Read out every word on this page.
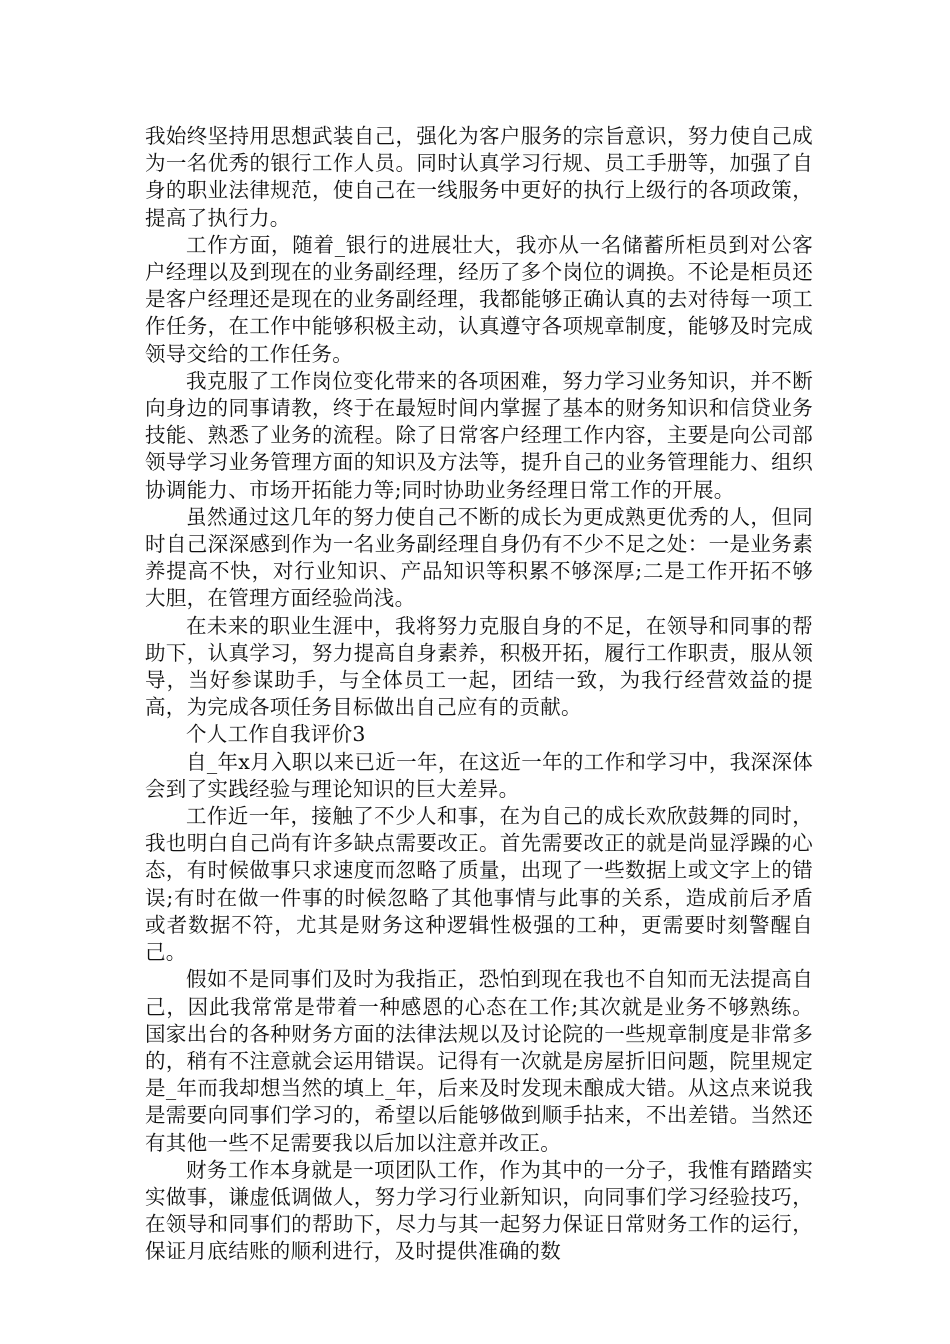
我始终坚持用思想武装自己，强化为客户服务的宗旨意识，努力使自己成为一名优秀的银行工作人员。同时认真学习行规、员工手册等，加强了自身的职业法律规范，使自己在一线服务中更好的执行上级行的各项政策，提高了执行力。

工作方面，随着_银行的进展壮大，我亦从一名储蓄所柜员到对公客户经理以及到现在的业务副经理，经历了多个岗位的调换。不论是柜员还是客户经理还是现在的业务副经理，我都能够正确认真的去对待每一项工作任务，在工作中能够积极主动，认真遵守各项规章制度，能够及时完成领导交给的工作任务。

我克服了工作岗位变化带来的各项困难，努力学习业务知识，并不断向身边的同事请教，终于在最短时间内掌握了基本的财务知识和信贷业务技能、熟悉了业务的流程。除了日常客户经理工作内容，主要是向公司部领导学习业务管理方面的知识及方法等，提升自己的业务管理能力、组织协调能力、市场开拓能力等;同时协助业务经理日常工作的开展。

虽然通过这几年的努力使自己不断的成长为更成熟更优秀的人，但同时自己深深感到作为一名业务副经理自身仍有不少不足之处：一是业务素养提高不快，对行业知识、产品知识等积累不够深厚;二是工作开拓不够大胆，在管理方面经验尚浅。

在未来的职业生涯中，我将努力克服自身的不足，在领导和同事的帮助下，认真学习，努力提高自身素养，积极开拓，履行工作职责，服从领导，当好参谋助手，与全体员工一起，团结一致，为我行经营效益的提高，为完成各项任务目标做出自己应有的贡献。

个人工作自我评价3

自_年x月入职以来已近一年，在这近一年的工作和学习中，我深深体会到了实践经验与理论知识的巨大差异。

工作近一年，接触了不少人和事，在为自己的成长欢欣鼓舞的同时，我也明白自己尚有许多缺点需要改正。首先需要改正的就是尚显浮躁的心态，有时候做事只求速度而忽略了质量，出现了一些数据上或文字上的错误;有时在做一件事的时候忽略了其他事情与此事的关系，造成前后矛盾或者数据不符，尤其是财务这种逻辑性极强的工种，更需要时刻警醒自己。

假如不是同事们及时为我指正，恐怕到现在我也不自知而无法提高自己，因此我常常是带着一种感恩的心态在工作;其次就是业务不够熟练。国家出台的各种财务方面的法律法规以及讨论院的一些规章制度是非常多的，稍有不注意就会运用错误。记得有一次就是房屋折旧问题，院里规定是_年而我却想当然的填上_年，后来及时发现未酿成大错。从这点来说我是需要向同事们学习的，希望以后能够做到顺手拈来，不出差错。当然还有其他一些不足需要我以后加以注意并改正。

财务工作本身就是一项团队工作，作为其中的一分子，我惟有踏踏实实做事，谦虚低调做人，努力学习行业新知识，向同事们学习经验技巧，在领导和同事们的帮助下，尽力与其一起努力保证日常财务工作的运行，保证月底结账的顺利进行，及时提供准确的数
